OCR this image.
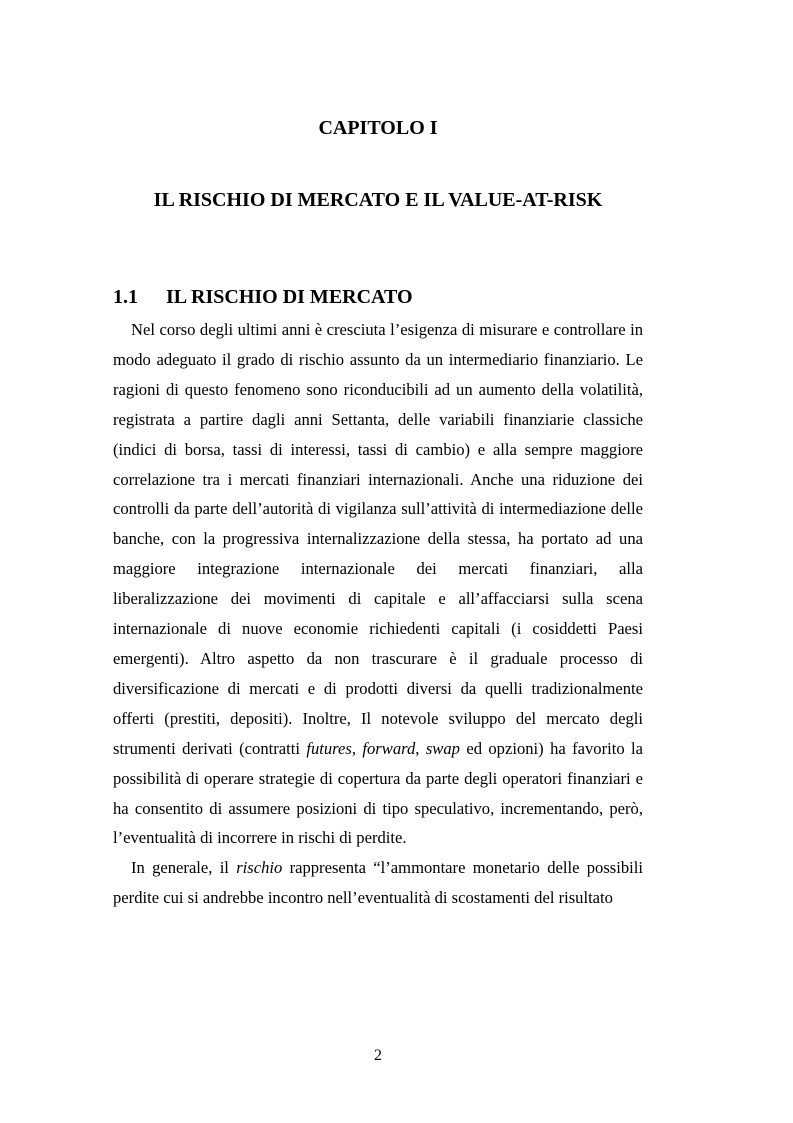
CAPITOLO I
IL RISCHIO DI MERCATO E IL VALUE-AT-RISK
1.1 IL RISCHIO DI MERCATO

Nel corso degli ultimi anni è cresciuta l’esigenza di misurare e controllare in modo adeguato il grado di rischio assunto da un intermediario finanziario. Le ragioni di questo fenomeno sono riconducibili ad un aumento della volatilità, registrata a partire dagli anni Settanta, delle variabili finanziarie classiche (indici di borsa, tassi di interessi, tassi di cambio) e alla sempre maggiore correlazione tra i mercati finanziari internazionali. Anche una riduzione dei controlli da parte dell’autorità di vigilanza sull’attività di intermediazione delle banche, con la progressiva internalizzazione della stessa, ha portato ad una maggiore integrazione internazionale dei mercati finanziari, alla liberalizzazione dei movimenti di capitale e all’affacciarsi sulla scena internazionale di nuove economie richiedenti capitali (i cosiddetti Paesi emergenti). Altro aspetto da non trascurare è il graduale processo di diversificazione di mercati e di prodotti diversi da quelli tradizionalmente offerti (prestiti, depositi). Inoltre, Il notevole sviluppo del mercato degli strumenti derivati (contratti futures, forward, swap ed opzioni) ha favorito la possibilità di operare strategie di copertura da parte degli operatori finanziari e ha consentito di assumere posizioni di tipo speculativo, incrementando, però, l’eventualità di incorrere in rischi di perdite.

In generale, il rischio rappresenta “l’ammontare monetario delle possibili perdite cui si andrebbe incontro nell’eventualità di scostamenti del risultato

2
